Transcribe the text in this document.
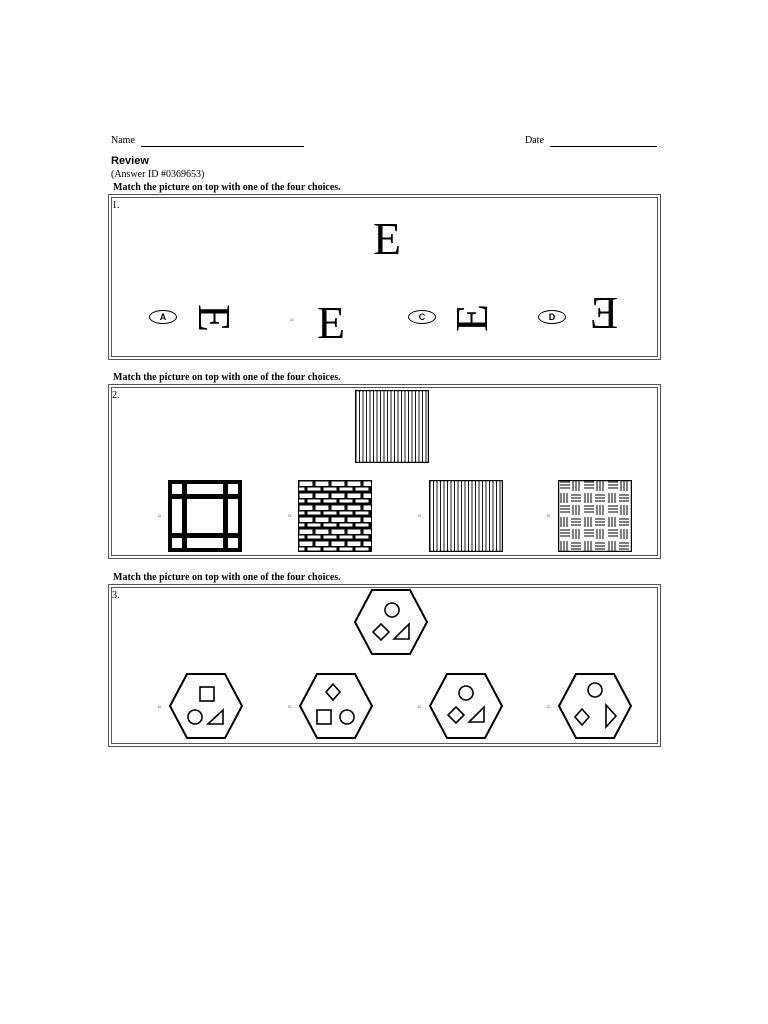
Name	Date
Review
(Answer ID #0369653)
Match the picture on top with one of the four choices.
1.
E
A E	¤ E	C E	D E
Match the picture on top with one of the four choices.
2.
¤	¤	¤	¤
Match the picture on top with one of the four choices.
3.
¤	¤	¤	¤
